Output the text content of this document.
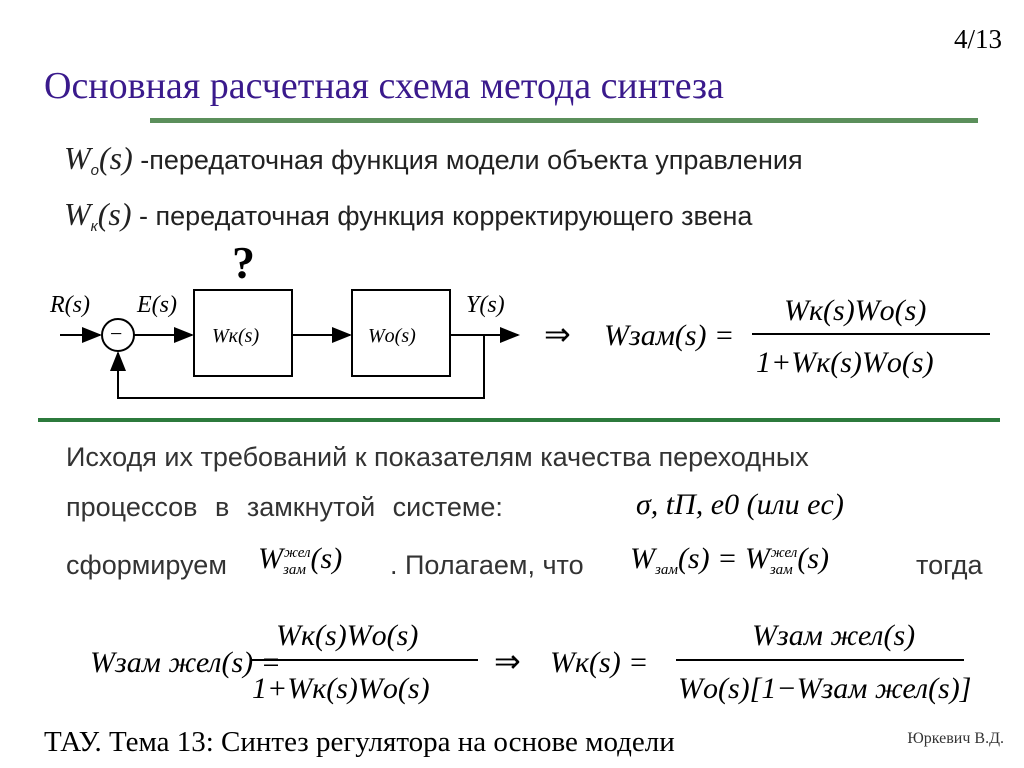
4/13
Основная расчетная схема метода синтеза
$W_о(s)$ -передаточная функция модели объекта управления
$W_к(s)$ - передаточная функция корректирующего звена
?
R(s)
−
E(s)
Wк(s)	Wо(s)
Y(s)
⇒ Wзам(s) =
Wк(s)Wо(s)
1+Wк(s)Wо(s)
Исходя их требований к показателям качества переходных
процессов в замкнутой системе:	σ, tП, e0 (или eс)
сформируем $W_{зам}^{жел}(s)$ . Полагаем, что $W_{зам}(s) = W_{зам}^{жел}(s)$	тогда
Wзам жел(s) =
Wк(s)Wо(s)
1+Wк(s)Wо(s)
⇒ Wк(s) =
Wзам жел(s)
Wо(s)[1−Wзам жел(s)]
ТАУ. Тема 13: Синтез регулятора на основе модели	Юркевич В.Д.
